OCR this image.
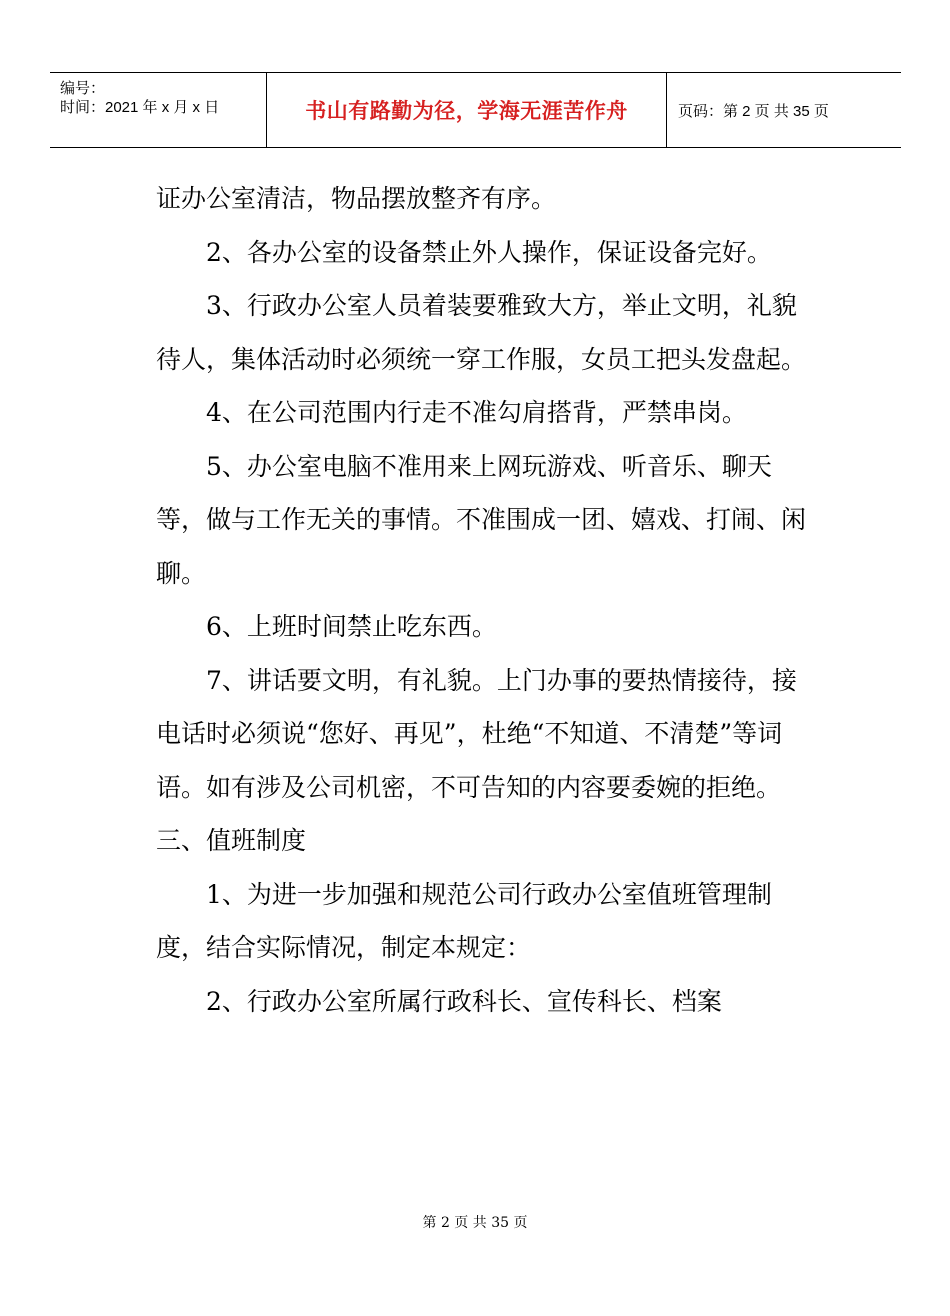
编号：
时间：2021 年 x 月 x 日	书山有路勤为径，学海无涯苦作舟	页码：第 2 页 共 35 页

证办公室清洁，物品摆放整齐有序。

2、各办公室的设备禁止外人操作，保证设备完好。

3、行政办公室人员着装要雅致大方，举止文明，礼貌待人，集体活动时必须统一穿工作服，女员工把头发盘起。

4、在公司范围内行走不准勾肩搭背，严禁串岗。

5、办公室电脑不准用来上网玩游戏、听音乐、聊天等，做与工作无关的事情。不准围成一团、嬉戏、打闹、闲聊。

6、上班时间禁止吃东西。

7、讲话要文明，有礼貌。上门办事的要热情接待，接电话时必须说“您好、再见”，杜绝“不知道、不清楚”等词语。如有涉及公司机密，不可告知的内容要委婉的拒绝。

三、值班制度

1、为进一步加强和规范公司行政办公室值班管理制度，结合实际情况，制定本规定：

2、行政办公室所属行政科长、宣传科长、档案

第 2 页 共 35 页
